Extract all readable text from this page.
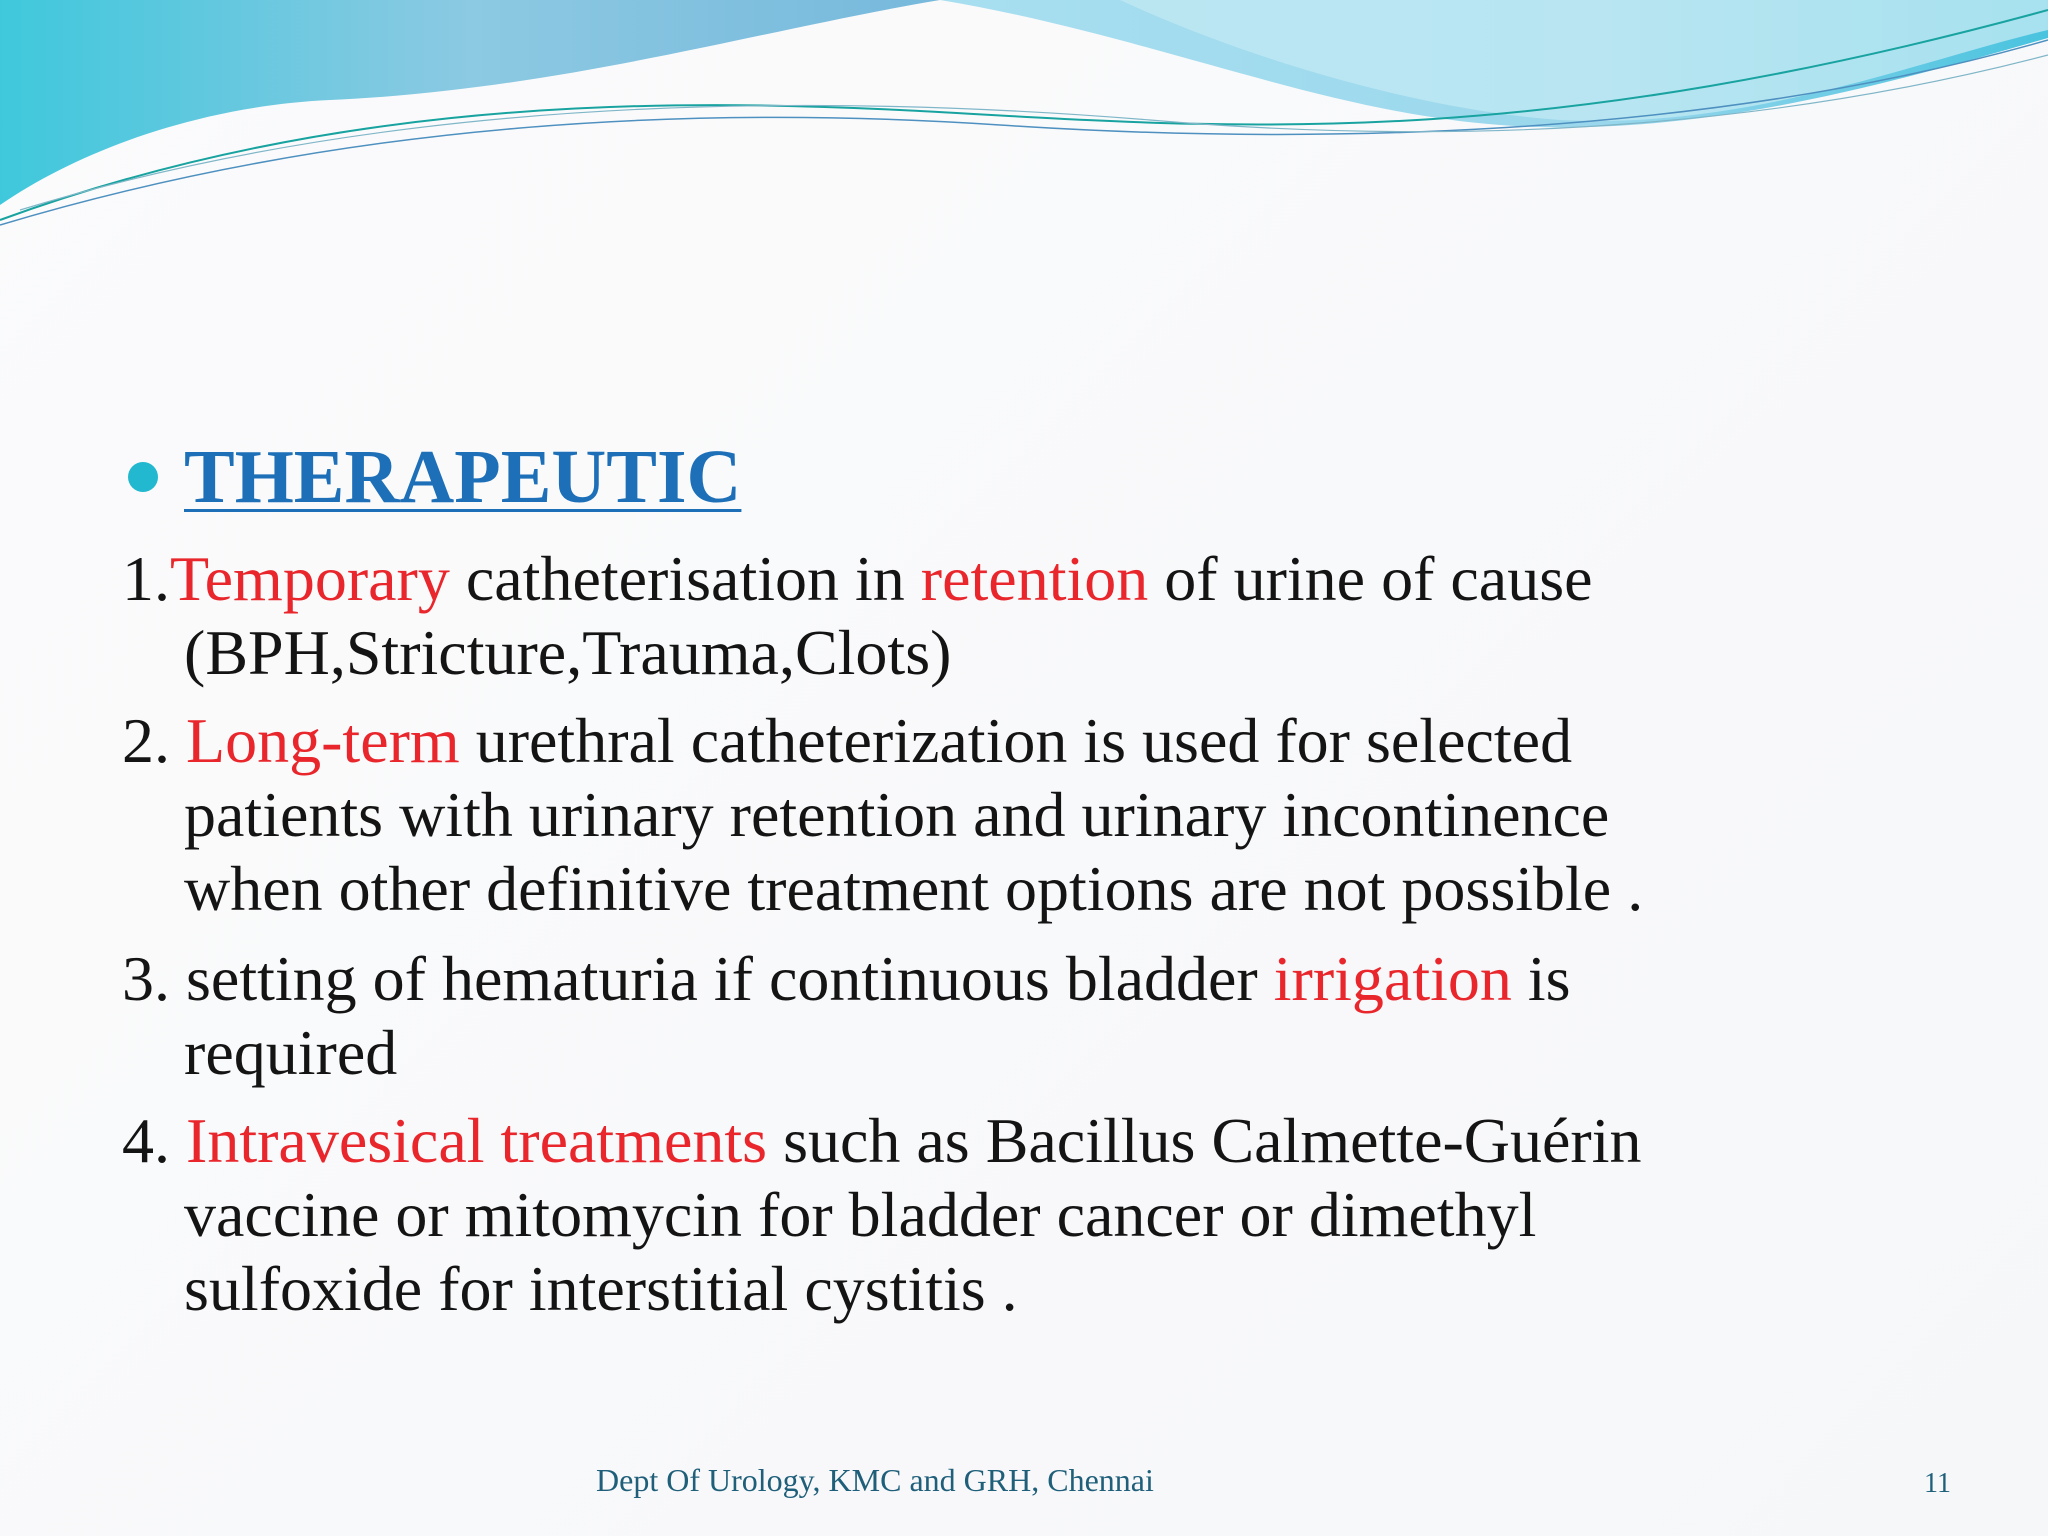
THERAPEUTIC
1.Temporary catheterisation in retention of urine of cause
(BPH,Stricture,Trauma,Clots)
2. Long-term urethral catheterization is used for selected
patients with urinary retention and urinary incontinence
when other definitive treatment options are not possible .
3. setting of hematuria if continuous bladder irrigation is
required
4. Intravesical treatments such as Bacillus Calmette-Guérin
vaccine or mitomycin for bladder cancer or dimethyl
sulfoxide for interstitial cystitis .
Dept Of Urology, KMC and GRH, Chennai	11
